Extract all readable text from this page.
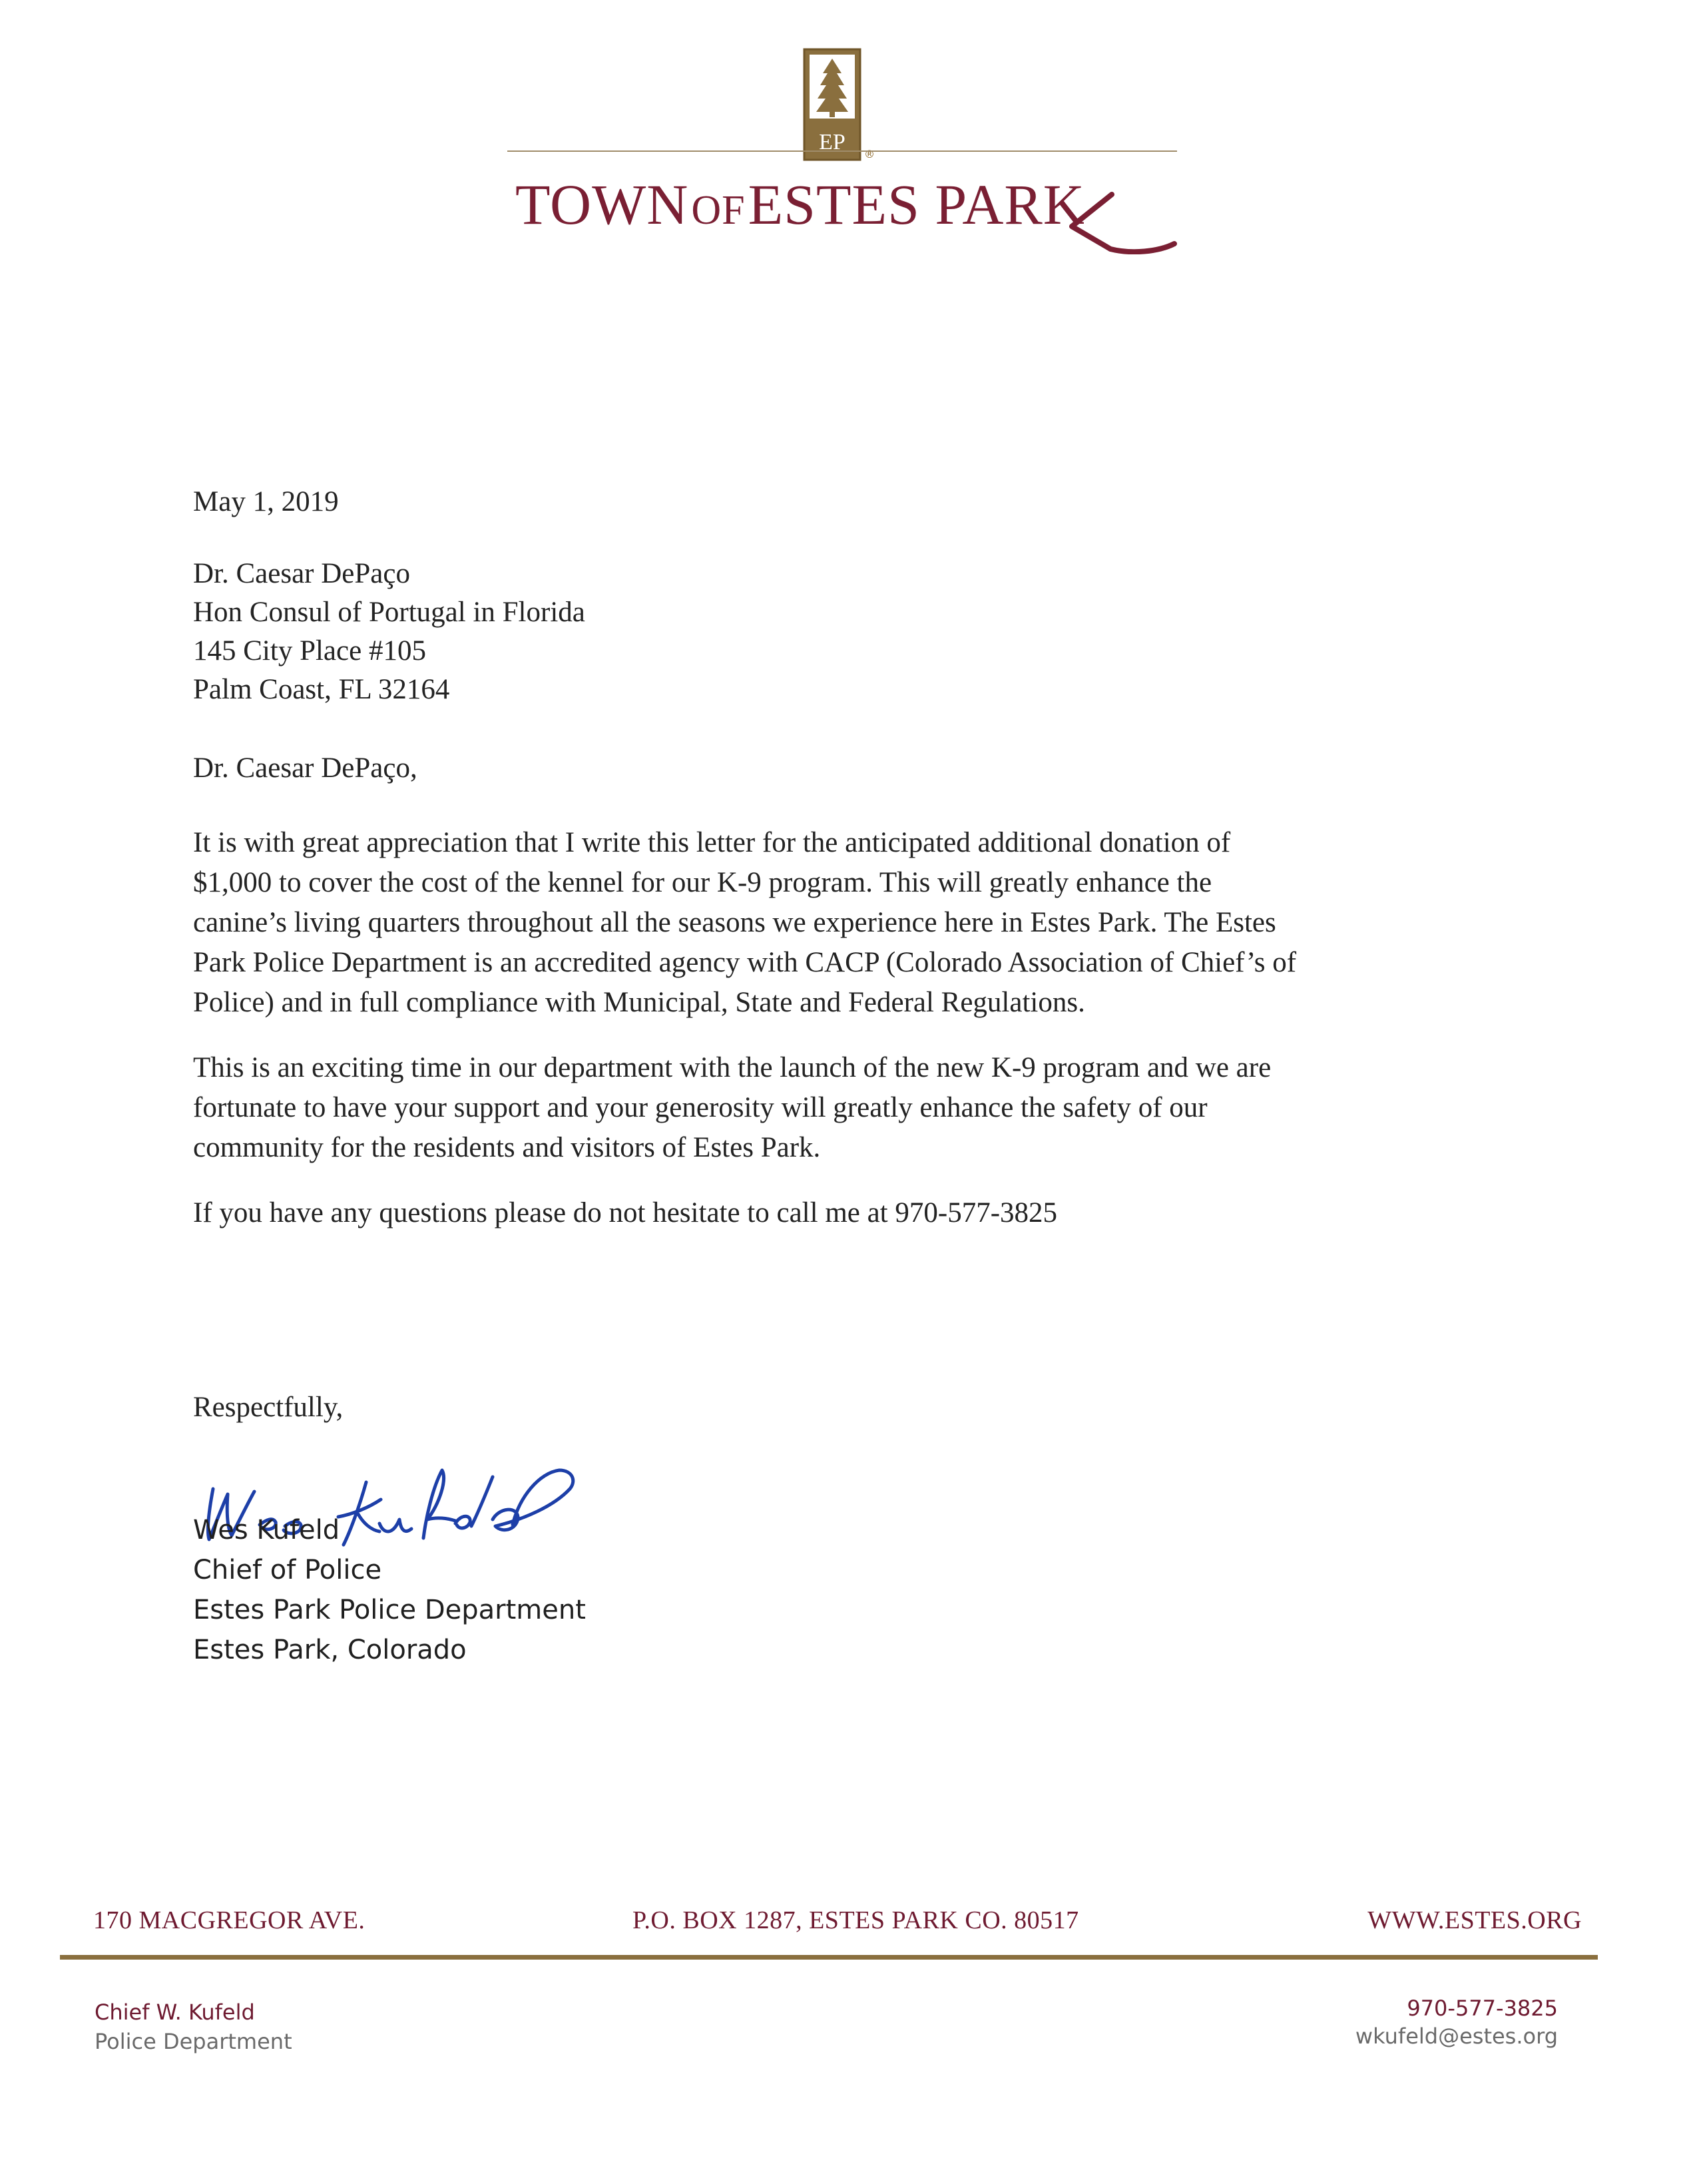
EP ®
TOWN OF ESTES PARK
May 1, 2019
Dr. Caesar DePaço
Hon Consul of Portugal in Florida
145 City Place #105
Palm Coast, FL 32164
Dr. Caesar DePaço,
It is with great appreciation that I write this letter for the anticipated additional donation of
$1,000 to cover the cost of the kennel for our K-9 program. This will greatly enhance the
canine’s living quarters throughout all the seasons we experience here in Estes Park. The Estes
Park Police Department is an accredited agency with CACP (Colorado Association of Chief’s of
Police) and in full compliance with Municipal, State and Federal Regulations.
This is an exciting time in our department with the launch of the new K-9 program and we are
fortunate to have your support and your generosity will greatly enhance the safety of our
community for the residents and visitors of Estes Park.
If you have any questions please do not hesitate to call me at 970-577-3825
Respectfully,
Wes Kufeld
Chief of Police
Estes Park Police Department
Estes Park, Colorado
170 MACGREGOR AVE.	P.O. BOX 1287, ESTES PARK CO. 80517	WWW.ESTES.ORG
Chief W. Kufeld
Police Department
970-577-3825
wkufeld@estes.org
